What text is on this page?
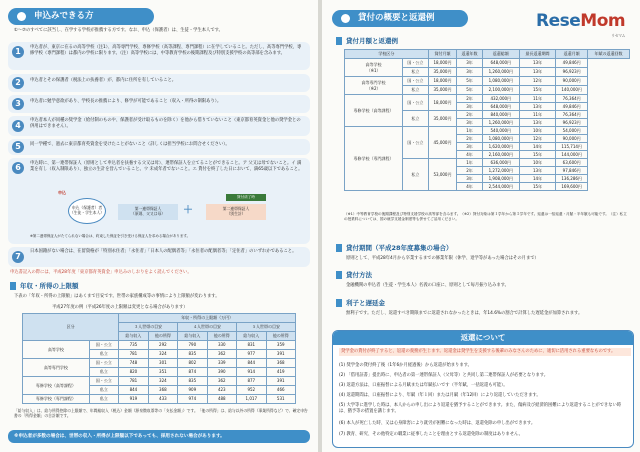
申込みできる方
①～⑦のすべてに該当し、在学する学校が推薦する方です。なお、申込（保護者）は、生徒・学生本人です。
1	申込者が、東京に在るの高等学校（注1）、高等専門学校、専修学校（高等課程、専門課程）に在学していること。ただし、高等専門学校、専修学校（専門課程）は都内の学校に限ります。（注）高等学校には、中等教育学校の後期課程及び特別支援学校の高等部を含みます。
2	申込者とその保護者（税法上の扶養者）が、都内に住所を有していること。
3	申込者に勉学意欲があり、学校長の推薦により、修学が可能であること（収入・所得の制限あり）。
4
申込者本人が同種の奨学金（給付制のものや、保護者が受け取るものを除く）を他から借りていないこと（東京都育英資金と他の奨学金との併用はできません）。
5	同一学種で、過去に東京都育英資金を受けたことがないこと（詳しくは担当学校にお問合せください）。
6	申込時に、第一連帯保証人（原則として申込者を扶養する父又は母）、連帯保証人を立てることができること。ア 父又は母でないこと。イ 満業を有し（収入制限あり）、独立の生計を営んでいること。ウ 未成年者でないこと。エ 貸付を終了した日において、満65歳以下であること。
申込（保護者）者
（生徒・学生本人）
申込
第一連帯保証人
（原則、父又は母）	＋
貸付終了時
第二連帯保証人
（別生計）
※第二連帯保証人がたてられない場合は、約束した保証を引き受ける保証人を求める場合があります。
7
日本国籍がない場合は、在留資格が「特別永住者」「永住者」「日本人の配偶者等」「永住者の配偶者等」「定住者」のいずれかであること。
申込書記入の際には、平成28年度「東京都育英資金」申込みのしおりをよく読んでください。
年収・所得の上限額
下表の「年収・所得の上限額」はあくまで目安です。世帯の家族構成等の事情により上限額が変わります。
平成27年度の例（平成26年度の上限額は変更となる場合があります）
区分		年収・所得の上限額（万円）					
		３人世帯の目安		４人世帯の目安		５人世帯の目安	
		給与収入	他の所得	給与収入	他の所得	給与収入	他の所得
高等学校	国・公立	735	292	790	330	831	359
	私立	781	324	835	362	977	391
高等専門学校	国・公立	748	301	802	339	844	368
	私立	820	351	874	390	914	419
専修学校（高等課程）	国・公立	781	324	835	362	877	391
	私立	844	368	909	423	952	466
専修学校（専門課程）	私立	919	433	974	488	1,017	531
「給与収入」は、給与所得控除の上限額で、年間総収入（税込）金額（源泉徴収票等の「支払金額」）です。「他の所得」は、給与以外の所得（事業所得など）で、確定申告書の「所得金額」の合計額です。
※申込者が多数の場合は、世帯の収入・所得が上限額以下であっても、採用されない場合があります。
貸付の概要と返還例
貸付月額と返還例
学校区分		貸付月額	返還年数	返還総額	最長返還期間	返還月額	年賦の返還回数

高等学校
（※1）	国・公立	18,000円	3年	648,000円	13年	49,846円	
	私立	35,000円	3年	1,260,000円	13年	96,923円	

高等専門学校
（※2）	国・公立	18,000円	5年	1,080,000円	12年	90,000円	
	私立	35,000円	5年	2,100,000円	15年	140,000円	

専修学校（高等課程）	国・公立	18,000円	2年	432,000円	11年	76,364円	
			3年	648,000円	13年	49,846円	
	私立	35,000円	2年	840,000円	11年	76,364円	
			3年	1,260,000円	13年	96,923円	

専修学校（専門課程）	国・公立	45,000円	1年	540,000円	10年	54,000円	
			2年	1,080,000円	12年	90,000円	
			3年	1,620,000円	14年	115,714円	
			4年	2,160,000円	15年	144,000円	
	私立	53,000円	1年	636,000円	10年	63,600円	
			2年	1,272,000円	13年	97,846円	
			3年	1,908,000円	14年	136,286円	
			4年	2,544,000円	15年	169,600円	
（※1）中等教育学校の後期課程及び特別支援学校の高等部を含みます。（※2）貸付対象は第１学年から第３学年です。返還は一括返還・月賦・半年賦も可能です。（注）私立の授業料については、国の就学支援金制度等も併せてご活用ください。
貸付期間（平成28年度募集の場合）
原則として、平成28年4月から卒業するまでの修業年限（休学、退学等があった場合はその月まで）
貸付方法
金融機関の申込者（生徒・学生本人）名義の口座に、原則として毎月振り込みます。
利子と遅延金
無利子です。ただし、返還すべき期限までに返還されなかったときは、年14.6%の割合で計算した遅延金が加算されます。
返還について
奨学金の貸付が終了すると、返還の義務が生じます。返還金は奨学生を支援する後輩のみなさんのために、適切に活用される重要なものです。
(1) 奨学金の貸付終了後（1年6か月経過後）から返還が始まります。
(2) 「借用証書」提出時に、申込者の第一連帯保証人（父母等）と共同し第二連帯保証人が必要となります。
(3) 返還方法は、口座振替による月賦または年賦払いです（半年賦、一括返還も可能）。
(4) 返還期間は、口座振替により、年賦（年１回）または月賦（年12回）により返還していただきます。
(5) 大学等に進学した時は、本人からの申し出により返還を猶予することができます。また、傷病及び経済的困難により返還することができない時は、猶予等の措置を講じます。
(6) 本人が死亡した時、又は心身障害により就労が困難になった時は、返還免除の申し出ができます。
(7) 教育、研究、その他特定の職業に従事したことを理由とする返還免除の制度はありません。
ReseMom
リセマム
